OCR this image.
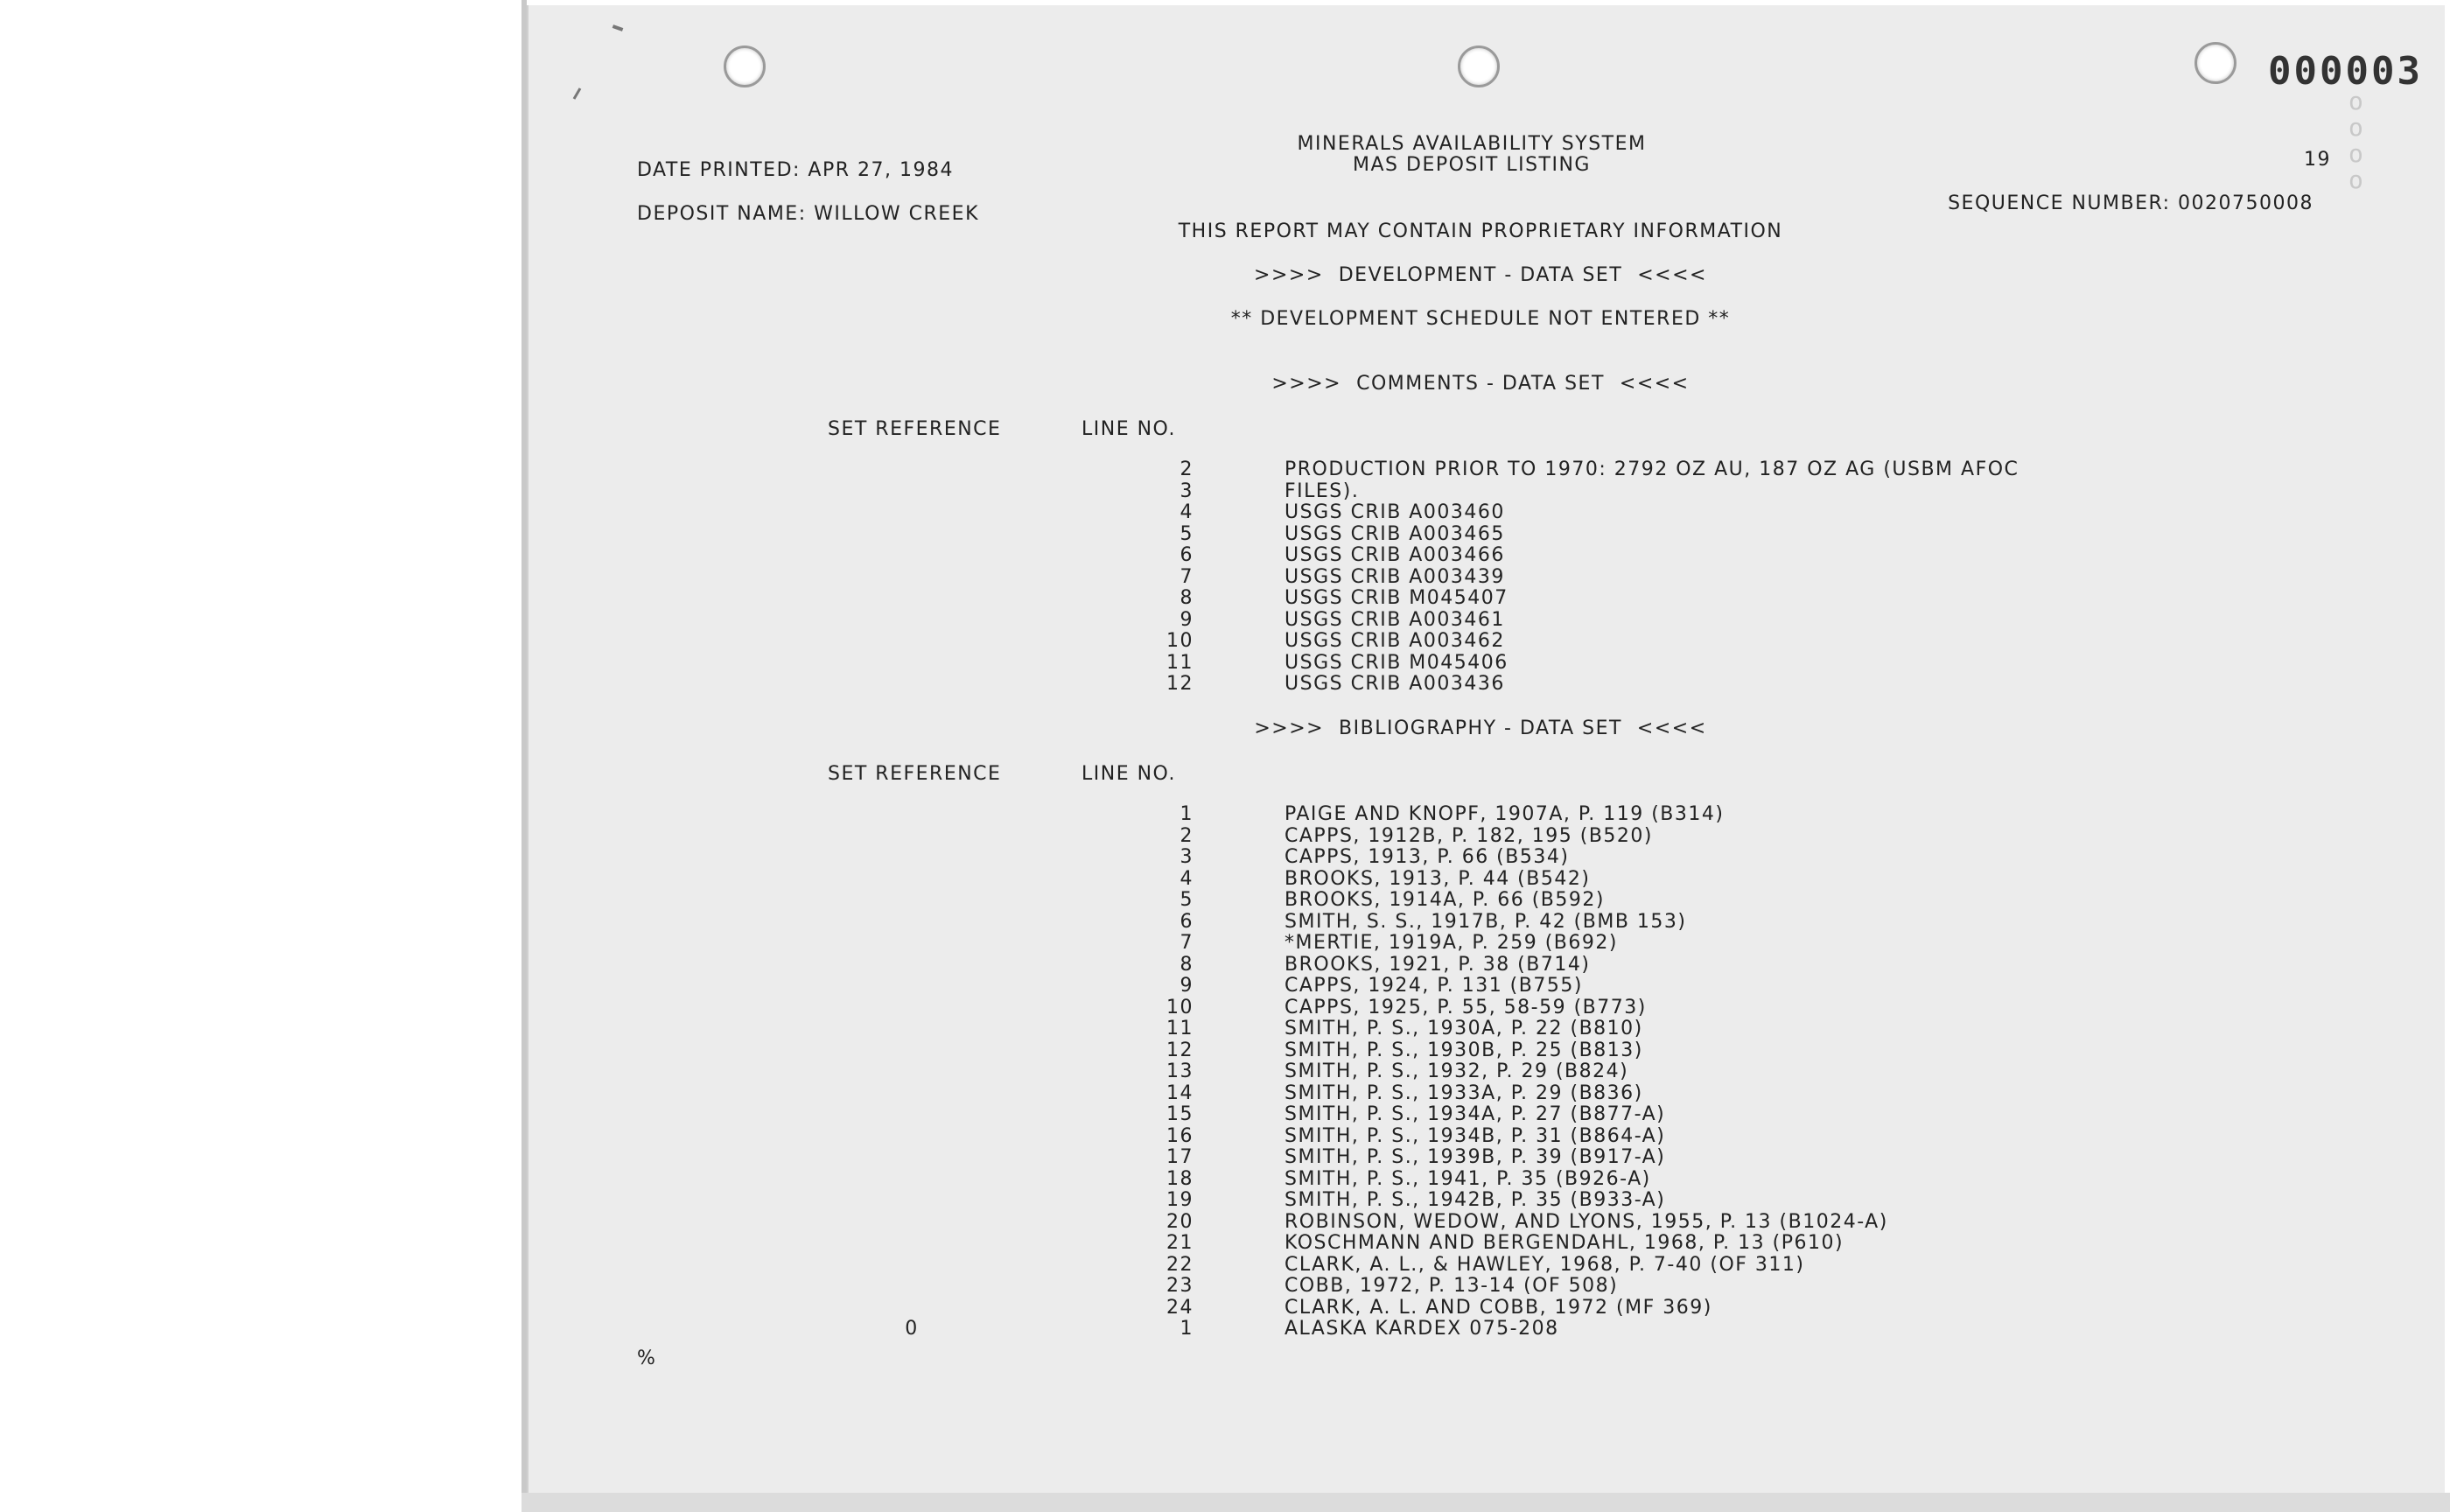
000003
o
o
o
o
MINERALS AVAILABILITY SYSTEM
MAS DEPOSIT LISTING	19
DATE PRINTED: APR 27, 1984
DEPOSIT NAME: WILLOW CREEK	SEQUENCE NUMBER: 0020750008
THIS REPORT MAY CONTAIN PROPRIETARY INFORMATION
>>>>  DEVELOPMENT - DATA SET  <<<<
** DEVELOPMENT SCHEDULE NOT ENTERED **
>>>>  COMMENTS - DATA SET  <<<<
SET REFERENCE	LINE NO.
2	PRODUCTION PRIOR TO 1970: 2792 OZ AU, 187 OZ AG (USBM AFOC
3	FILES).
4	USGS CRIB A003460
5	USGS CRIB A003465
6	USGS CRIB A003466
7	USGS CRIB A003439
8	USGS CRIB M045407
9	USGS CRIB A003461
10	USGS CRIB A003462
11	USGS CRIB M045406
12	USGS CRIB A003436
>>>>  BIBLIOGRAPHY - DATA SET  <<<<
SET REFERENCE	LINE NO.
1	PAIGE AND KNOPF, 1907A, P. 119 (B314)
2	CAPPS, 1912B, P. 182, 195 (B520)
3	CAPPS, 1913, P. 66 (B534)
4	BROOKS, 1913, P. 44 (B542)
5	BROOKS, 1914A, P. 66 (B592)
6	SMITH, S. S., 1917B, P. 42 (BMB 153)
7	*MERTIE, 1919A, P. 259 (B692)
8	BROOKS, 1921, P. 38 (B714)
9	CAPPS, 1924, P. 131 (B755)
10	CAPPS, 1925, P. 55, 58-59 (B773)
11	SMITH, P. S., 1930A, P. 22 (B810)
12	SMITH, P. S., 1930B, P. 25 (B813)
13	SMITH, P. S., 1932, P. 29 (B824)
14	SMITH, P. S., 1933A, P. 29 (B836)
15	SMITH, P. S., 1934A, P. 27 (B877-A)
16	SMITH, P. S., 1934B, P. 31 (B864-A)
17	SMITH, P. S., 1939B, P. 39 (B917-A)
18	SMITH, P. S., 1941, P. 35 (B926-A)
19	SMITH, P. S., 1942B, P. 35 (B933-A)
20	ROBINSON, WEDOW, AND LYONS, 1955, P. 13 (B1024-A)
21	KOSCHMANN AND BERGENDAHL, 1968, P. 13 (P610)
22	CLARK, A. L., & HAWLEY, 1968, P. 7-40 (OF 311)
23	COBB, 1972, P. 13-14 (OF 508)
24	CLARK, A. L. AND COBB, 1972 (MF 369)
0	1	ALASKA KARDEX 075-208
%
